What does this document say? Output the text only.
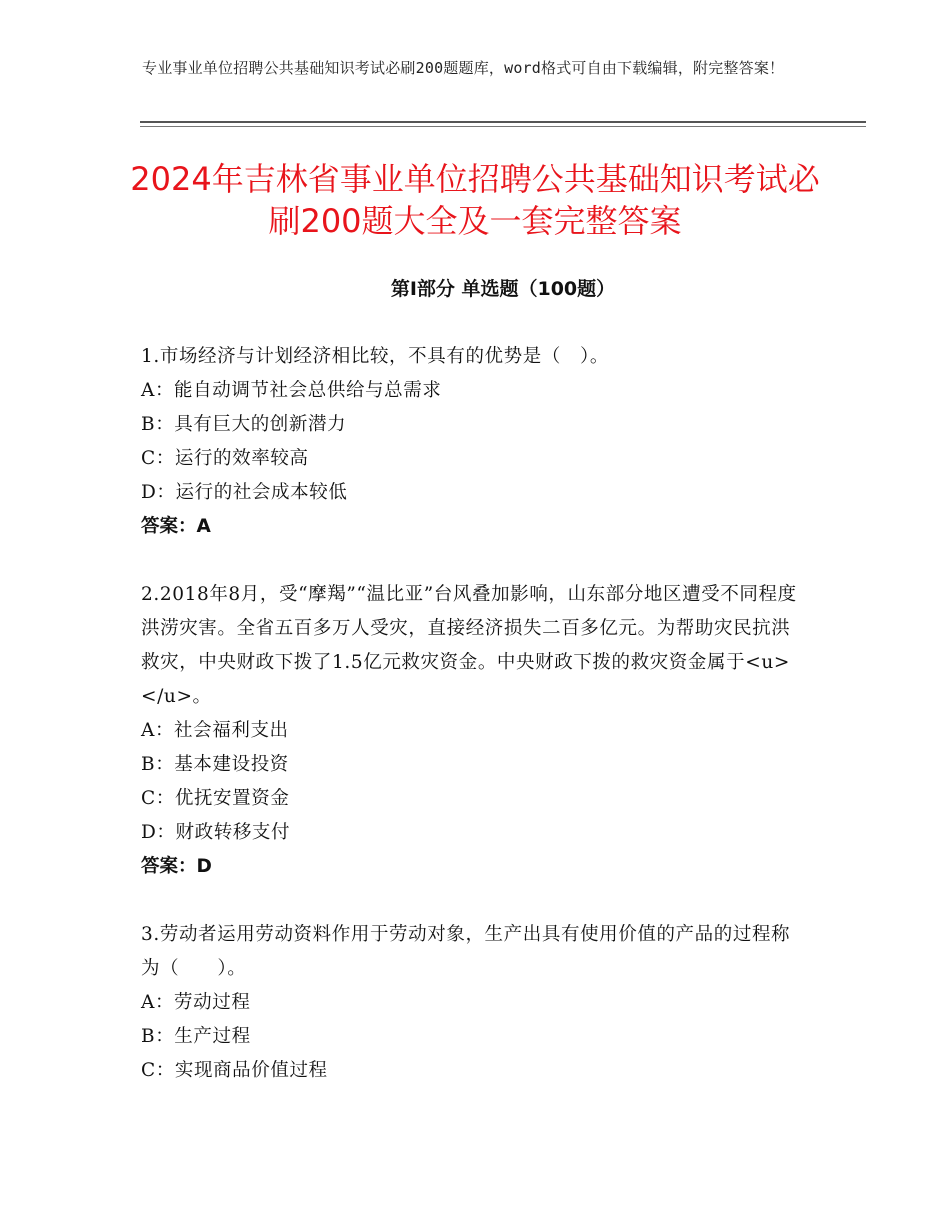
专业事业单位招聘公共基础知识考试必刷200题题库，word格式可自由下载编辑，附完整答案！
2024年吉林省事业单位招聘公共基础知识考试必刷200题大全及一套完整答案
第Ⅰ部分 单选题（100题）
1.市场经济与计划经济相比较，不具有的优势是（　）。
A：能自动调节社会总供给与总需求
B：具有巨大的创新潜力
C：运行的效率较高
D：运行的社会成本较低
答案：A
2.2018年8月，受“摩羯”“温比亚”台风叠加影响，山东部分地区遭受不同程度洪涝灾害。全省五百多万人受灾，直接经济损失二百多亿元。为帮助灾民抗洪救灾，中央财政下拨了1.5亿元救灾资金。中央财政下拨的救灾资金属于<u>　　　</u>。
A：社会福利支出
B：基本建设投资
C：优抚安置资金
D：财政转移支付
答案：D
3.劳动者运用劳动资料作用于劳动对象，生产出具有使用价值的产品的过程称为（　　）。
A：劳动过程
B：生产过程
C：实现商品价值过程
